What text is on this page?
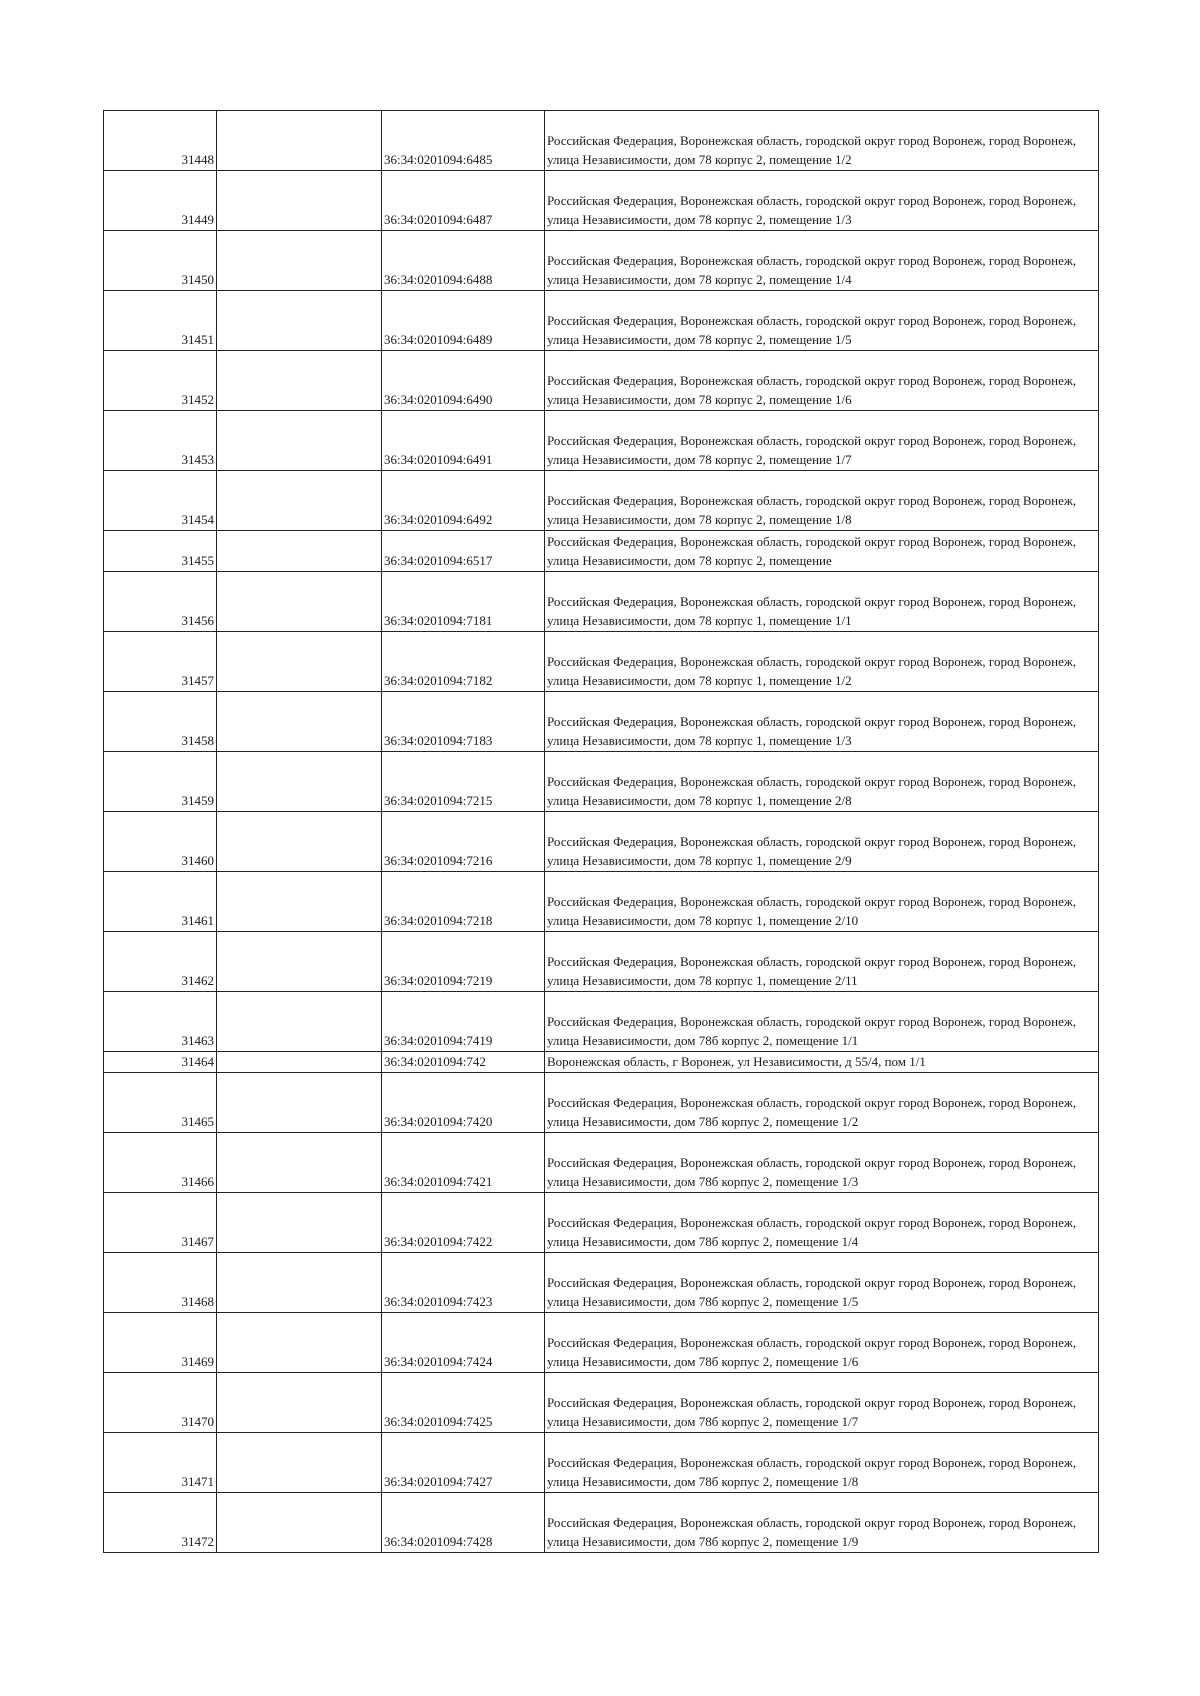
31448		36:34:0201094:6485	Российская Федерация, Воронежская область, городской округ город Воронеж, город Воронеж, улица Независимости, дом 78 корпус 2, помещение 1/2
31449		36:34:0201094:6487	Российская Федерация, Воронежская область, городской округ город Воронеж, город Воронеж, улица Независимости, дом 78 корпус 2, помещение 1/3
31450		36:34:0201094:6488	Российская Федерация, Воронежская область, городской округ город Воронеж, город Воронеж, улица Независимости, дом 78 корпус 2, помещение 1/4
31451		36:34:0201094:6489	Российская Федерация, Воронежская область, городской округ город Воронеж, город Воронеж, улица Независимости, дом 78 корпус 2, помещение 1/5
31452		36:34:0201094:6490	Российская Федерация, Воронежская область, городской округ город Воронеж, город Воронеж, улица Независимости, дом 78 корпус 2, помещение 1/6
31453		36:34:0201094:6491	Российская Федерация, Воронежская область, городской округ город Воронеж, город Воронеж, улица Независимости, дом 78 корпус 2, помещение 1/7
31454		36:34:0201094:6492	Российская Федерация, Воронежская область, городской округ город Воронеж, город Воронеж, улица Независимости, дом 78 корпус 2, помещение 1/8
31455		36:34:0201094:6517	Российская Федерация, Воронежская область, городской округ город Воронеж, город Воронеж, улица Независимости, дом 78 корпус 2, помещение
31456		36:34:0201094:7181	Российская Федерация, Воронежская область, городской округ город Воронеж, город Воронеж, улица Независимости, дом 78 корпус 1, помещение 1/1
31457		36:34:0201094:7182	Российская Федерация, Воронежская область, городской округ город Воронеж, город Воронеж, улица Независимости, дом 78 корпус 1, помещение 1/2
31458		36:34:0201094:7183	Российская Федерация, Воронежская область, городской округ город Воронеж, город Воронеж, улица Независимости, дом 78 корпус 1, помещение 1/3
31459		36:34:0201094:7215	Российская Федерация, Воронежская область, городской округ город Воронеж, город Воронеж, улица Независимости, дом 78 корпус 1, помещение 2/8
31460		36:34:0201094:7216	Российская Федерация, Воронежская область, городской округ город Воронеж, город Воронеж, улица Независимости, дом 78 корпус 1, помещение 2/9
31461		36:34:0201094:7218	Российская Федерация, Воронежская область, городской округ город Воронеж, город Воронеж, улица Независимости, дом 78 корпус 1, помещение 2/10
31462		36:34:0201094:7219	Российская Федерация, Воронежская область, городской округ город Воронеж, город Воронеж, улица Независимости, дом 78 корпус 1, помещение 2/11
31463		36:34:0201094:7419	Российская Федерация, Воронежская область, городской округ город Воронеж, город Воронеж, улица Независимости, дом 78б корпус 2, помещение 1/1
31464		36:34:0201094:742	Воронежская область, г Воронеж, ул Независимости, д 55/4, пом 1/1
31465		36:34:0201094:7420	Российская Федерация, Воронежская область, городской округ город Воронеж, город Воронеж, улица Независимости, дом 78б корпус 2, помещение 1/2
31466		36:34:0201094:7421	Российская Федерация, Воронежская область, городской округ город Воронеж, город Воронеж, улица Независимости, дом 78б корпус 2, помещение 1/3
31467		36:34:0201094:7422	Российская Федерация, Воронежская область, городской округ город Воронеж, город Воронеж, улица Независимости, дом 78б корпус 2, помещение 1/4
31468		36:34:0201094:7423	Российская Федерация, Воронежская область, городской округ город Воронеж, город Воронеж, улица Независимости, дом 78б корпус 2, помещение 1/5
31469		36:34:0201094:7424	Российская Федерация, Воронежская область, городской округ город Воронеж, город Воронеж, улица Независимости, дом 78б корпус 2, помещение 1/6
31470		36:34:0201094:7425	Российская Федерация, Воронежская область, городской округ город Воронеж, город Воронеж, улица Независимости, дом 78б корпус 2, помещение 1/7
31471		36:34:0201094:7427	Российская Федерация, Воронежская область, городской округ город Воронеж, город Воронеж, улица Независимости, дом 78б корпус 2, помещение 1/8
31472		36:34:0201094:7428	Российская Федерация, Воронежская область, городской округ город Воронеж, город Воронеж, улица Независимости, дом 78б корпус 2, помещение 1/9
